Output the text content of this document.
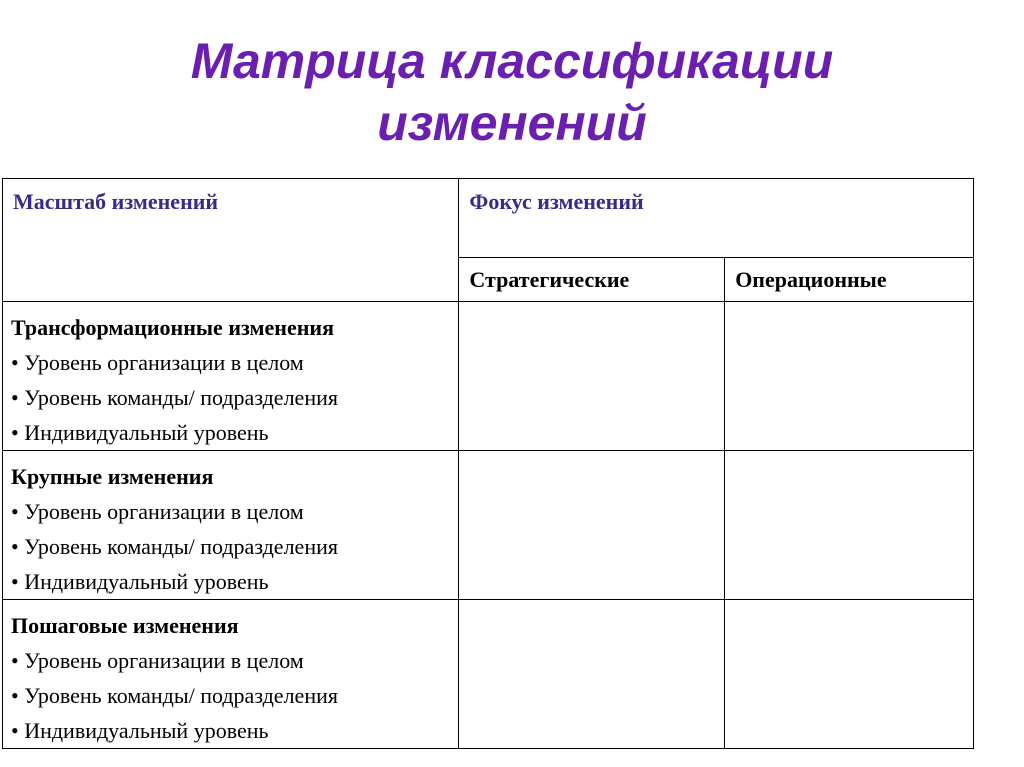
Матрица классификации
изменений
Масштаб изменений	Фокус изменений	
	Стратегические	Операционные

Трансформационные изменения
• Уровень организации в целом
• Уровень команды/ подразделения
• Индивидуальный уровень		

Крупные изменения
• Уровень организации в целом
• Уровень команды/ подразделения
• Индивидуальный уровень		

Пошаговые изменения
• Уровень организации в целом
• Уровень команды/ подразделения
• Индивидуальный уровень		
